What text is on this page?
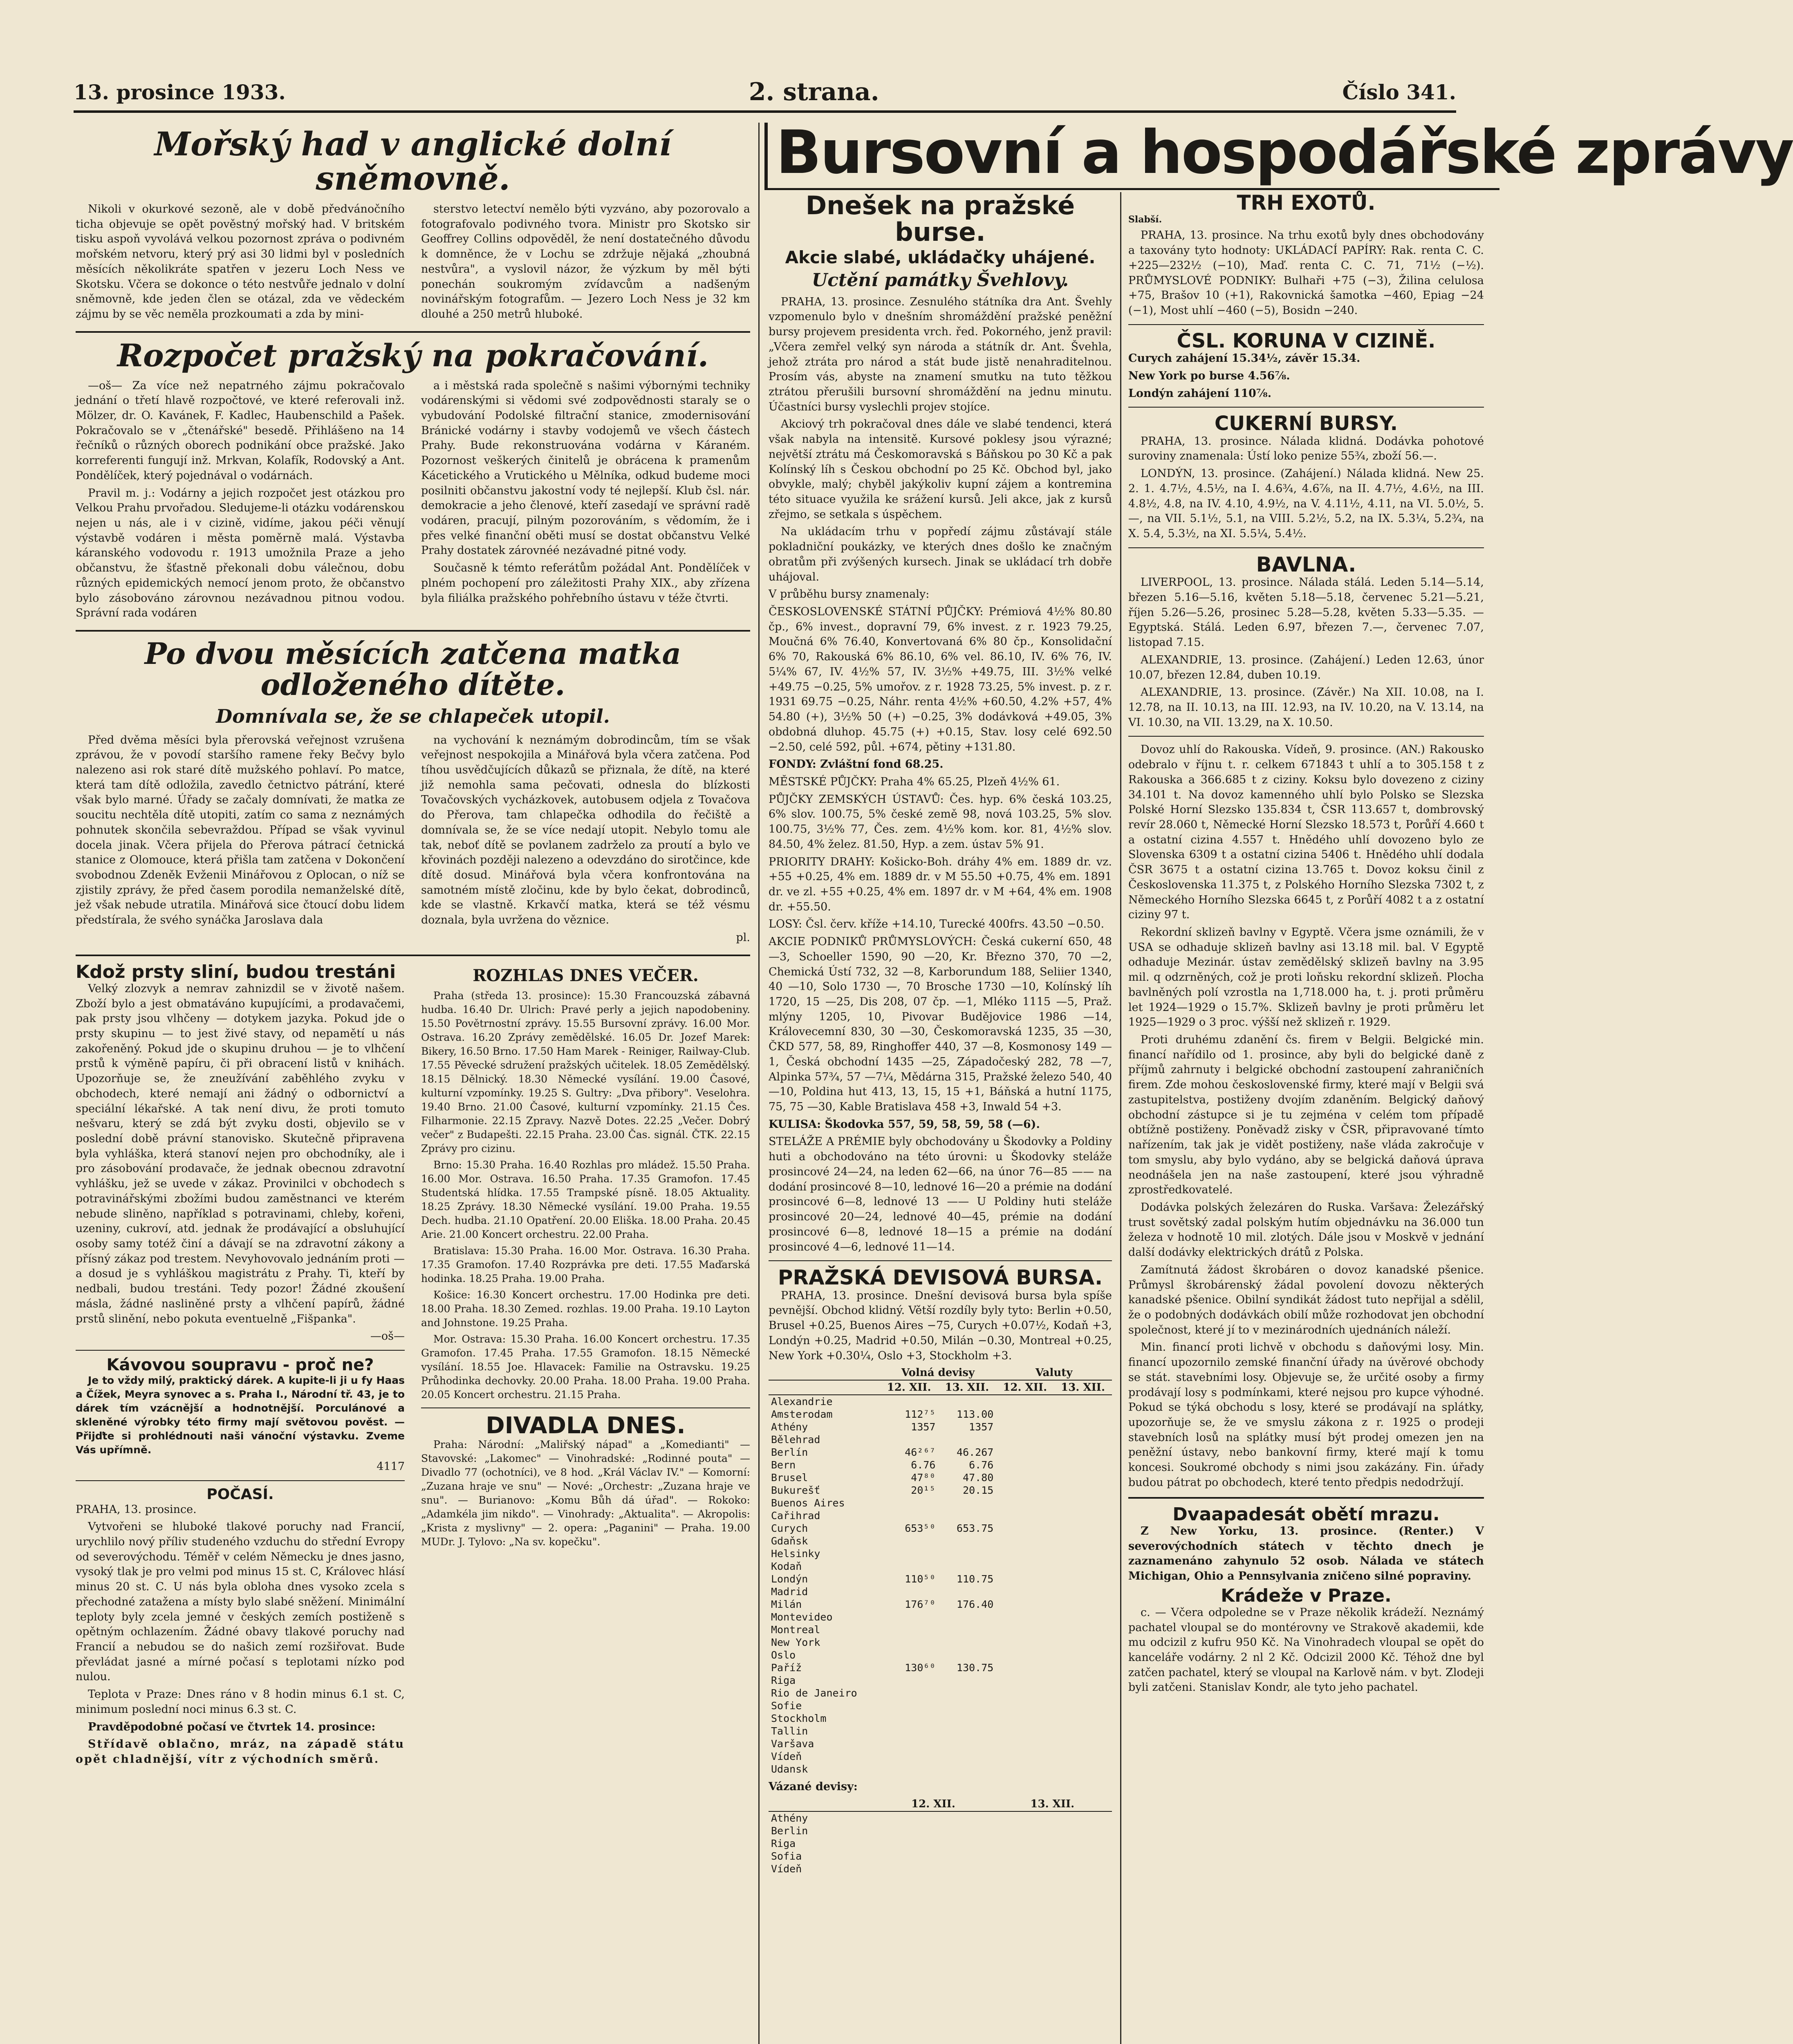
13. prosince 1933.	2. strana.	Číslo 341.
Mořský had v anglické dolní sněmovně.

Nikoli v okurkové sezoně, ale v době předvánočního ticha objevuje se opět pověstný mořský had. V britském tisku aspoň vyvolává velkou pozornost zpráva o podivném mořském netvoru, který prý asi 30 lidmi byl v posledních měsících několikráte spatřen v jezeru Loch Ness ve Skotsku. Včera se dokonce o této nestvůře jednalo v dolní sněmovně, kde jeden člen se otázal, zda ve vědeckém zájmu by se věc neměla prozkoumati a zda by mini-

sterstvo letectví nemělo býti vyzváno, aby pozorovalo a fotografovalo podivného tvora. Ministr pro Skotsko sir Geoffrey Collins odpověděl, že není dostatečného důvodu k domněnce, že v Lochu se zdržuje nějaká „zhoubná nestvůra", a vyslovil názor, že výzkum by měl býti ponechán soukromým zvídavcům a nadšeným novinářským fotografům. — Jezero Loch Ness je 32 km dlouhé a 250 metrů hluboké.

Rozpočet pražský na pokračování.

—oš— Za více než nepatrného zájmu pokračovalo jednání o třetí hlavě rozpočtové, ve které referovali inž. Mölzer, dr. O. Kavánek, F. Kadlec, Haubenschild a Pašek. Pokračovalo se v „čtenářské" besedě. Přihlášeno na 14 řečníků o různých oborech podnikání obce pražské. Jako korreferenti fungují inž. Mrkvan, Kolafík, Rodovský a Ant. Pondělíček, který pojednával o vodárnách.

Pravil m. j.: Vodárny a jejich rozpočet jest otázkou pro Velkou Prahu prvořadou. Sledujeme-li otázku vodárenskou nejen u nás, ale i v cizině, vidíme, jakou péči věnují výstavbě vodáren i města poměrně malá. Výstavba káranského vodovodu r. 1913 umožnila Praze a jeho občanstvu, že šťastně překonali dobu válečnou, dobu různých epidemických nemocí jenom proto, že občanstvo bylo zásobováno zárovnou nezávadnou pitnou vodou. Správní rada vodáren

a i městská rada společně s našimi výbornými techniky vodárenskými si vědomi své zodpovědnosti staraly se o vybudování Podolské filtrační stanice, zmodernisování Bránické vodárny i stavby vodojemů ve všech částech Prahy. Bude rekonstruována vodárna v Káraném. Pozornost veškerých činitelů je obrácena k pramenům Kácetického a Vrutického u Mělníka, odkud budeme moci posilniti občanstvu jakostní vody té nejlepší. Klub čsl. nár. demokracie a jeho členové, kteří zasedají ve správní radě vodáren, pracují, pilným pozorováním, s vědomím, že i přes velké finanční oběti musí se dostat občanstvu Velké Prahy dostatek zárovnéé nezávadné pitné vody.

Současně k témto referátům požádal Ant. Pondělíček v plném pochopení pro záležitosti Prahy XIX., aby zřízena byla filiálka pražského pohřebního ústavu v téže čtvrti.

Po dvou měsících zatčena matka odloženého dítěte.
Domnívala se, že se chlapeček utopil.

Před dvěma měsíci byla přerovská veřejnost vzrušena zprávou, že v povodí staršího ramene řeky Bečvy bylo nalezeno asi rok staré dítě mužského pohlaví. Po matce, která tam dítě odložila, zavedlo četnictvo pátrání, které však bylo marné. Úřady se začaly domnívati, že matka ze soucitu nechtěla dítě utopiti, zatím co sama z neznámých pohnutek skončila sebevraždou. Případ se však vyvinul docela jinak. Včera přijela do Přerova pátrací četnická stanice z Olomouce, která přišla tam zatčena v Dokončení svobodnou Zdeněk Evženii Minářovou z Oplocan, o níž se zjistily zprávy, že před časem porodila nemanželské dítě, jež však nebude utratila. Minářová sice čtoucí dobu lidem předstírala, že svého synáčka Jaroslava dala

na vychování k neznámým dobrodincům, tím se však veřejnost nespokojila a Minářová byla včera zatčena. Pod tíhou usvědčujících důkazů se přiznala, že dítě, na které již nemohla sama pečovati, odnesla do blízkosti Tovačovských vycházkovek, autobusem odjela z Tovačova do Přerova, tam chlapečka odhodila do řečiště a domnívala se, že se více nedají utopit. Nebylo tomu ale tak, neboť dítě se povlanem zadrželo za proutí a bylo ve křovinách později nalezeno a odevzdáno do sirotčince, kde dítě dosud. Minářová byla včera konfrontována na samotném místě zločinu, kde by bylo čekat, dobrodinců, kde se vlastně. Krkavčí matka, která se též vésmu doznala, byla uvržena do věznice.

pl.

Kdož prsty sliní, budou trestáni

Velký zlozvyk a nemrav zahnizdil se v životě našem. Zboží bylo a jest obmatáváno kupujícími, a prodavačemi, pak prsty jsou vlhčeny — dotykem jazyka. Pokud jde o prsty skupinu — to jest živé stavy, od nepamětí u nás zakořeněný. Pokud jde o skupinu druhou — je to vlhčení prstů k výměně papíru, či při obracení listů v knihách. Upozorňuje se, že zneužívání zaběhlého zvyku v obchodech, které nemají ani žádný o odbornictví a speciální lékařské. A tak není divu, že proti tomuto nešvaru, který se zdá být zvyku dosti, objevilo se v poslední době právní stanovisko. Skutečně připravena byla vyhláška, která stanoví nejen pro obchodníky, ale i pro zásobování prodavače, že jednak obecnou zdravotní vyhlášku, jež se uvede v zákaz. Provinilci v obchodech s potravinářskými zbožími budou zaměstnanci ve kterém nebude sliněno, například s potravinami, chleby, kořeni, uzeniny, cukroví, atd. jednak že prodávající a obsluhující osoby samy totéž činí a dávají se na zdravotní zákony a přísný zákaz pod trestem. Nevyhovovalo jednáním proti — a dosud je s vyhláškou magistrátu z Prahy. Ti, kteří by nedbali, budou trestáni. Tedy pozor! Žádné zkoušení másla, žádné nasliněné prsty a vlhčení papírů, žádné prstů slinění, nebo pokuta eventuelně „Fišpanka".

—oš—

Kávovou soupravu - proč ne?

Je to vždy milý, praktický dárek. A kupite-li ji u fy Haas a Čížek, Meyra synovec a s. Praha I., Národní tř. 43, je to dárek tím vzácnější a hodnotnější. Porculánové a skleněné výrobky této firmy mají světovou pověst. — Přijďte si prohlédnouti naši vánoční výstavku. Zveme Vás upřímně.

4117

POČASÍ.

PRAHA, 13. prosince.

Vytvořeni se hluboké tlakové poruchy nad Francií, urychlilo nový příliv studeného vzduchu do střední Evropy od severovýchodu. Téměř v celém Německu je dnes jasno, vysoký tlak je pro velmi pod minus 15 st. C, Královec hlásí minus 20 st. C. U nás byla obloha dnes vysoko zcela s přechodné zatažena a místy bylo slabé sněžení. Minimální teploty byly zcela jemné v českých zemích postiženě s opětným ochlazením. Žádné obavy tlakové poruchy nad Francií a nebudou se do našich zemí rozšiřovat. Bude převládat jasné a mírné počasí s teplotami nízko pod nulou.

Teplota v Praze: Dnes ráno v 8 hodin minus 6.1 st. C, minimum poslední noci minus 6.3 st. C.

Pravděpodobné počasí ve čtvrtek 14. prosince:

Střídavě oblačno, mráz, na západě státu opět chladnější, vítr z východních směrů.

ROZHLAS DNES VEČER.

Praha (středa 13. prosince): 15.30 Francouzská zábavná hudba. 16.40 Dr. Ulrich: Pravé perly a jejich napodobeniny. 15.50 Povětrnostní zprávy. 15.55 Bursovní zprávy. 16.00 Mor. Ostrava. 16.20 Zprávy zemědělské. 16.05 Dr. Jozef Marek: Bikery, 16.50 Brno. 17.50 Ham Marek - Reiniger, Railway-Club. 17.55 Pěvecké sdružení pražských učitelek. 18.05 Zemědělský. 18.15 Dělnický. 18.30 Německé vysílání. 19.00 Časové, kulturní vzpomínky. 19.25 S. Gultry: „Dva přibory". Veselohra. 19.40 Brno. 21.00 Časové, kulturní vzpomínky. 21.15 Čes. Filharmonie. 22.15 Zpravy. Nazvě Dotes. 22.25 „Večer. Dobrý večer" z Budapešti. 22.15 Praha. 23.00 Čas. signál. ČTK. 22.15 Zprávy pro cizinu.

Brno: 15.30 Praha. 16.40 Rozhlas pro mládež. 15.50 Praha. 16.00 Mor. Ostrava. 16.50 Praha. 17.35 Gramofon. 17.45 Studentská hlídka. 17.55 Trampské písně. 18.05 Aktuality. 18.25 Zprávy. 18.30 Německé vysílání. 19.00 Praha. 19.55 Dech. hudba. 21.10 Opatření. 20.00 Eliška. 18.00 Praha. 20.45 Arie. 21.00 Koncert orchestru. 22.00 Praha.

Bratislava: 15.30 Praha. 16.00 Mor. Ostrava. 16.30 Praha. 17.35 Gramofon. 17.40 Rozprávka pre deti. 17.55 Maďarská hodinka. 18.25 Praha. 19.00 Praha.

Košice: 16.30 Koncert orchestru. 17.00 Hodinka pre deti. 18.00 Praha. 18.30 Zemed. rozhlas. 19.00 Praha. 19.10 Layton and Johnstone. 19.25 Praha.

Mor. Ostrava: 15.30 Praha. 16.00 Koncert orchestru. 17.35 Gramofon. 17.45 Praha. 17.55 Gramofon. 18.15 Německé vysílání. 18.55 Joe. Hlavacek: Familie na Ostravsku. 19.25 Průhodinka dechovky. 20.00 Praha. 18.00 Praha. 19.00 Praha. 20.05 Koncert orchestru. 21.15 Praha.

DIVADLA DNES.

Praha: Národní: „Maliřský nápad" a „Komedianti" — Stavovské: „Lakomec" — Vinohradské: „Rodinné pouta" — Divadlo 77 (ochotníci), ve 8 hod. „Král Václav IV." — Komorní: „Zuzana hraje ve snu" — Nové: „Orchestr: „Zuzana hraje ve snu". — Burianovo: „Komu Bůh dá úřad". — Rokoko: „Adamkéla jim nikdo". — Vinohrady: „Aktualita". — Akropolis: „Krista z myslivny" — 2. opera: „Paganini" — Praha. 19.00 MUDr. J. Tylovo: „Na sv. kopečku".

Bursovní a hospodářské zprávy
Dnešek na pražské burse.
Akcie slabé, ukládačky uhájené.
Uctění památky Švehlovy.

PRAHA, 13. prosince. Zesnulého státníka dra Ant. Švehly vzpomenulo bylo v dnešním shromáždění pražské peněžní bursy projevem presidenta vrch. řed. Pokorného, jenž pravil: „Včera zemřel velký syn národa a státník dr. Ant. Švehla, jehož ztráta pro národ a stát bude jistě nenahraditelnou. Prosím vás, abyste na znamení smutku na tuto těžkou ztrátou přerušili bursovní shromáždění na jednu minutu. Účastníci bursy vyslechli projev stojíce.

Akciový trh pokračoval dnes dále ve slabé tendenci, která však nabyla na intensitě. Kursové poklesy jsou výrazné; největší ztrátu má Českomoravská s Báňskou po 30 Kč a pak Kolínský líh s Českou obchodní po 25 Kč. Obchod byl, jako obvykle, malý; chyběl jakýkoliv kupní zájem a kontremina této situace využila ke srážení kursů. Jeli akce, jak z kursů zřejmo, se setkala s úspěchem.

Na ukládacím trhu v popředí zájmu zůstávají stále pokladniční poukázky, ve kterých dnes došlo ke značným obratům při zvýšených kursech. Jinak se ukládací trh dobře uhájoval.

V průběhu bursy znamenaly:

ČESKOSLOVENSKÉ STÁTNÍ PŮJČKY: Prémiová 4½% 80.80 čp., 6% invest., dopravní 79, 6% invest. z r. 1923 79.25, Moučná 6% 76.40, Konvertovaná 6% 80 čp., Konsolidační 6% 70, Rakouská 6% 86.10, 6% vel. 86.10, IV. 6% 76, IV. 5¼% 67, IV. 4½% 57, IV. 3½% +49.75, III. 3½% velké +49.75 −0.25, 5% umořov. z r. 1928 73.25, 5% invest. p. z r. 1931 69.75 −0.25, Náhr. renta 4½% +60.50, 4.2% +57, 4% 54.80 (+), 3½% 50 (+) −0.25, 3% dodávková +49.05, 3% obdobná dluhop. 45.75 (+) +0.15, Stav. losy celé 692.50 −2.50, celé 592, půl. +674, pětiny +131.80.

FONDY: Zvláštní fond 68.25.

MĚSTSKÉ PŮJČKY: Praha 4% 65.25, Plzeň 4½% 61.

PŮJČKY ZEMSKÝCH ÚSTAVŮ: Čes. hyp. 6% česká 103.25, 6% slov. 100.75, 5% české země 98, nová 103.25, 5% slov. 100.75, 3½% 77, Čes. zem. 4½% kom. kor. 81, 4½% slov. 84.50, 4% želez. 81.50, Hyp. a zem. ústav 5% 91.

PRIORITY DRAHY: Košicko-Boh. dráhy 4% em. 1889 dr. vz. +55 +0.25, 4% em. 1889 dr. v M 55.50 +0.75, 4% em. 1891 dr. ve zl. +55 +0.25, 4% em. 1897 dr. v M +64, 4% em. 1908 dr. +55.50.

LOSY: Čsl. červ. kříže +14.10, Turecké 400frs. 43.50 −0.50.

AKCIE PODNIKŮ PRŮMYSLOVÝCH: Česká cukerní 650, 48 —3, Schoeller 1590, 90 —20, Kr. Březno 370, 70 —2, Chemická Ústí 732, 32 —8, Karborundum 188, Seliier 1340, 40 —10, Solo 1730 —, 70 Brosche 1730 —10, Kolínský líh 1720, 15 —25, Dis 208, 07 čp. —1, Mléko 1115 —5, Praž. mlýny 1205, 10, Pivovar Budějovice 1986 —14, Královecemní 830, 30 —30, Českomoravská 1235, 35 —30, ČKD 577, 58, 89, Ringhoffer 440, 37 —8, Kosmonosy 149 —1, Česká obchodní 1435 —25, Západočeský 282, 78 —7, Alpinka 57¾, 57 —7¼, Mědárna 315, Pražské železo 540, 40 —10, Poldina hut 413, 13, 15, 15 +1, Báňská a hutní 1175, 75, 75 —30, Kable Bratislava 458 +3, Inwald 54 +3.

KULISA: Škodovka 557, 59, 58, 59, 58 (—6).

STELÁŽE A PRÉMIE byly obchodovány u Škodovky a Poldiny huti a obchodováno na této úrovni: u Škodovky steláže prosincové 24—24, na leden 62—66, na únor 76—85 —— na dodání prosincové 8—10, lednové 16—20 a prémie na dodání prosincové 6—8, lednové 13 —— U Poldiny huti steláže prosincové 20—24, lednové 40—45, prémie na dodání prosincové 6—8, lednové 18—15 a prémie na dodání prosincové 4—6, lednové 11—14.

PRAŽSKÁ DEVISOVÁ BURSA.

PRAHA, 13. prosince. Dnešní devisová bursa byla spíše pevnější. Obchod klidný. Větší rozdíly byly tyto: Berlin +0.50, Brusel +0.25, Buenos Aires −75, Curych +0.07½, Kodaň +3, Londýn +0.25, Madrid +0.50, Milán −0.30, Montreal +0.25, New York +0.30¼, Oslo +3, Stockholm +3.

	Volná devisy		Valuty	
	12. XII.	13. XII.	12. XII.	13. XII.
Alexandrie				
Amsterodam	112⁷⁵	113.00		
Athény	1357	1357		
Bělehrad				
Berlín	46²⁶⁷	46.267		
Bern	6.76	6.76		
Brusel	47⁸⁰	47.80		
Bukurešť	20¹⁵	20.15		
Buenos Aires				
Cařihrad				
Curych	653⁵⁰	653.75		
Gdaňsk				
Helsinky				
Kodaň				
Londýn	110⁵⁰	110.75		
Madrid				
Milán	176⁷⁰	176.40		
Montevideo				
Montreal				
New York				
Oslo				
Paříž	130⁶⁰	130.75		
Riga				
Rio de Janeiro				
Sofie				
Stockholm				
Tallin				
Varšava				
Vídeň				
Udansk				

Vázané devisy:

	12. XII.	13. XII.
Athény		
Berlin		
Riga		
Sofia		
Vídeň		
TRH EXOTŮ.

Slabší.

PRAHA, 13. prosince. Na trhu exotů byly dnes obchodovány a taxovány tyto hodnoty: UKLÁDACÍ PAPÍRY: Rak. renta C. C. +225—232½ (−10), Maď. renta C. C. 71, 71½ (−½). PRŮMYSLOVÉ PODNIKY: Bulhaři +75 (−3), Žilina celulosa +75, Brašov 10 (+1), Rakovnická šamotka −460, Epiag −24 (−1), Most uhlí −460 (−5), Bosidn −240.

ČSL. KORUNA V CIZINĚ.

Curych zahájení 15.34½, závěr 15.34.

New York po burse 4.56⅞.

Londýn zahájení 110⅞.

CUKERNÍ BURSY.

PRAHA, 13. prosince. Nálada klidná. Dodávka pohotové suroviny znamenala: Ústí loko penize 55¾, zboží 56.—.

LONDÝN, 13. prosince. (Zahájení.) Nálada klidná. New 25. 2. 1. 4.7½, 4.5½, na I. 4.6¾, 4.6⅞, na II. 4.7½, 4.6½, na III. 4.8½, 4.8, na IV. 4.10, 4.9½, na V. 4.11½, 4.11, na VI. 5.0½, 5.—, na VII. 5.1½, 5.1, na VIII. 5.2½, 5.2, na IX. 5.3¼, 5.2¾, na X. 5.4, 5.3½, na XI. 5.5¼, 5.4½.

BAVLNA.

LIVERPOOL, 13. prosince. Nálada stálá. Leden 5.14—5.14, březen 5.16—5.16, květen 5.18—5.18, červenec 5.21—5.21, říjen 5.26—5.26, prosinec 5.28—5.28, květen 5.33—5.35. — Egyptská. Stálá. Leden 6.97, březen 7.—, červenec 7.07, listopad 7.15.

ALEXANDRIE, 13. prosince. (Zahájení.) Leden 12.63, únor 10.07, březen 12.84, duben 10.19.

ALEXANDRIE, 13. prosince. (Závěr.) Na XII. 10.08, na I. 12.78, na II. 10.13, na III. 12.93, na IV. 10.20, na V. 13.14, na VI. 10.30, na VII. 13.29, na X. 10.50.

Dovoz uhlí do Rakouska. Vídeň, 9. prosince. (AN.) Rakousko odebralo v říjnu t. r. celkem 671843 t uhlí a to 305.158 t z Rakouska a 366.685 t z ciziny. Koksu bylo dovezeno z ciziny 34.101 t. Na dovoz kamenného uhlí bylo Polsko se Slezska Polské Horní Slezsko 135.834 t, ČSR 113.657 t, dombrovský revír 28.060 t, Německé Horní Slezsko 18.573 t, Porůří 4.660 t a ostatní cizina 4.557 t. Hnědého uhlí dovozeno bylo ze Slovenska 6309 t a ostatní cizina 5406 t. Hnědého uhlí dodala ČSR 3675 t a ostatní cizina 13.765 t. Dovoz koksu činil z Československa 11.375 t, z Polského Horního Slezska 7302 t, z Německého Horního Slezska 6645 t, z Porůří 4082 t a z ostatní ciziny 97 t.

Rekordní sklizeň bavlny v Egyptě. Včera jsme oznámili, že v USA se odhaduje sklizeň bavlny asi 13.18 mil. bal. V Egyptě odhaduje Mezinár. ústav zemědělský sklizeň bavlny na 3.95 mil. q odzrněných, což je proti loňsku rekordní sklizeň. Plocha bavlněných polí vzrostla na 1,718.000 ha, t. j. proti průměru let 1924—1929 o 15.7%. Sklizeň bavlny je proti průměru let 1925—1929 o 3 proc. výšší než sklizeň r. 1929.

Proti druhému zdanění čs. firem v Belgii. Belgické min. financí nařídilo od 1. prosince, aby byli do belgické daně z příjmů zahrnuty i belgické obchodní zastoupení zahraničních firem. Zde mohou československé firmy, které mají v Belgii svá zastupitelstva, postiženy dvojím zdaněním. Belgický daňový obchodní zástupce si je tu zejména v celém tom případě obtížně postiženy. Poněvadž zisky v ČSR, připravované tímto nařízením, tak jak je vidět postiženy, naše vláda zakročuje v tom smyslu, aby bylo vydáno, aby se belgická daňová úprava neodnášela jen na naše zastoupení, které jsou výhradně zprostředkovatelé.

Dodávka polských železáren do Ruska. Varšava: Železářský trust sovětský zadal polským hutím objednávku na 36.000 tun železa v hodnotě 10 mil. zlotých. Dále jsou v Moskvě v jednání další dodávky elektrických drátů z Polska.

Zamítnutá žádost škrobáren o dovoz kanadské pšenice. Průmysl škrobárenský žádal povolení dovozu některých kanadské pšenice. Obilní syndikát žádost tuto nepřijal a sdělil, že o podobných dodávkách obilí může rozhodovat jen obchodní společnost, které jí to v mezinárodních ujednáních náleží.

Min. financí proti lichvě v obchodu s daňovými losy. Min. financí upozornilo zemské finanční úřady na úvěrové obchody se stát. stavebními losy. Objevuje se, že určité osoby a firmy prodávají losy s podmínkami, které nejsou pro kupce výhodné. Pokud se týká obchodu s losy, které se prodávají na splátky, upozorňuje se, že ve smyslu zákona z r. 1925 o prodeji stavebních losů na splátky musí být prodej omezen jen na peněžní ústavy, nebo bankovní firmy, které mají k tomu koncesi. Soukromé obchody s nimi jsou zakázány. Fin. úřady budou pátrat po obchodech, které tento předpis nedodržují.

Dvaapadesát obětí mrazu.

Z New Yorku, 13. prosince. (Renter.) V severovýchodních státech v těchto dnech je zaznamenáno zahynulo 52 osob. Nálada ve státech Michigan, Ohio a Pennsylvania zničeno silné popraviny.

Krádeže v Praze.

c. — Včera odpoledne se v Praze několik krádeží. Neznámý pachatel vloupal se do montérovny ve Strakově akademii, kde mu odcizil z kufru 950 Kč. Na Vinohradech vloupal se opět do kanceláře vodárny. 2 nl 2 Kč. Odcizil 2000 Kč. Téhož dne byl zatčen pachatel, který se vloupal na Karlově nám. v byt. Zlodeji byli zatčeni. Stanislav Kondr, ale tyto jeho pachatel.
